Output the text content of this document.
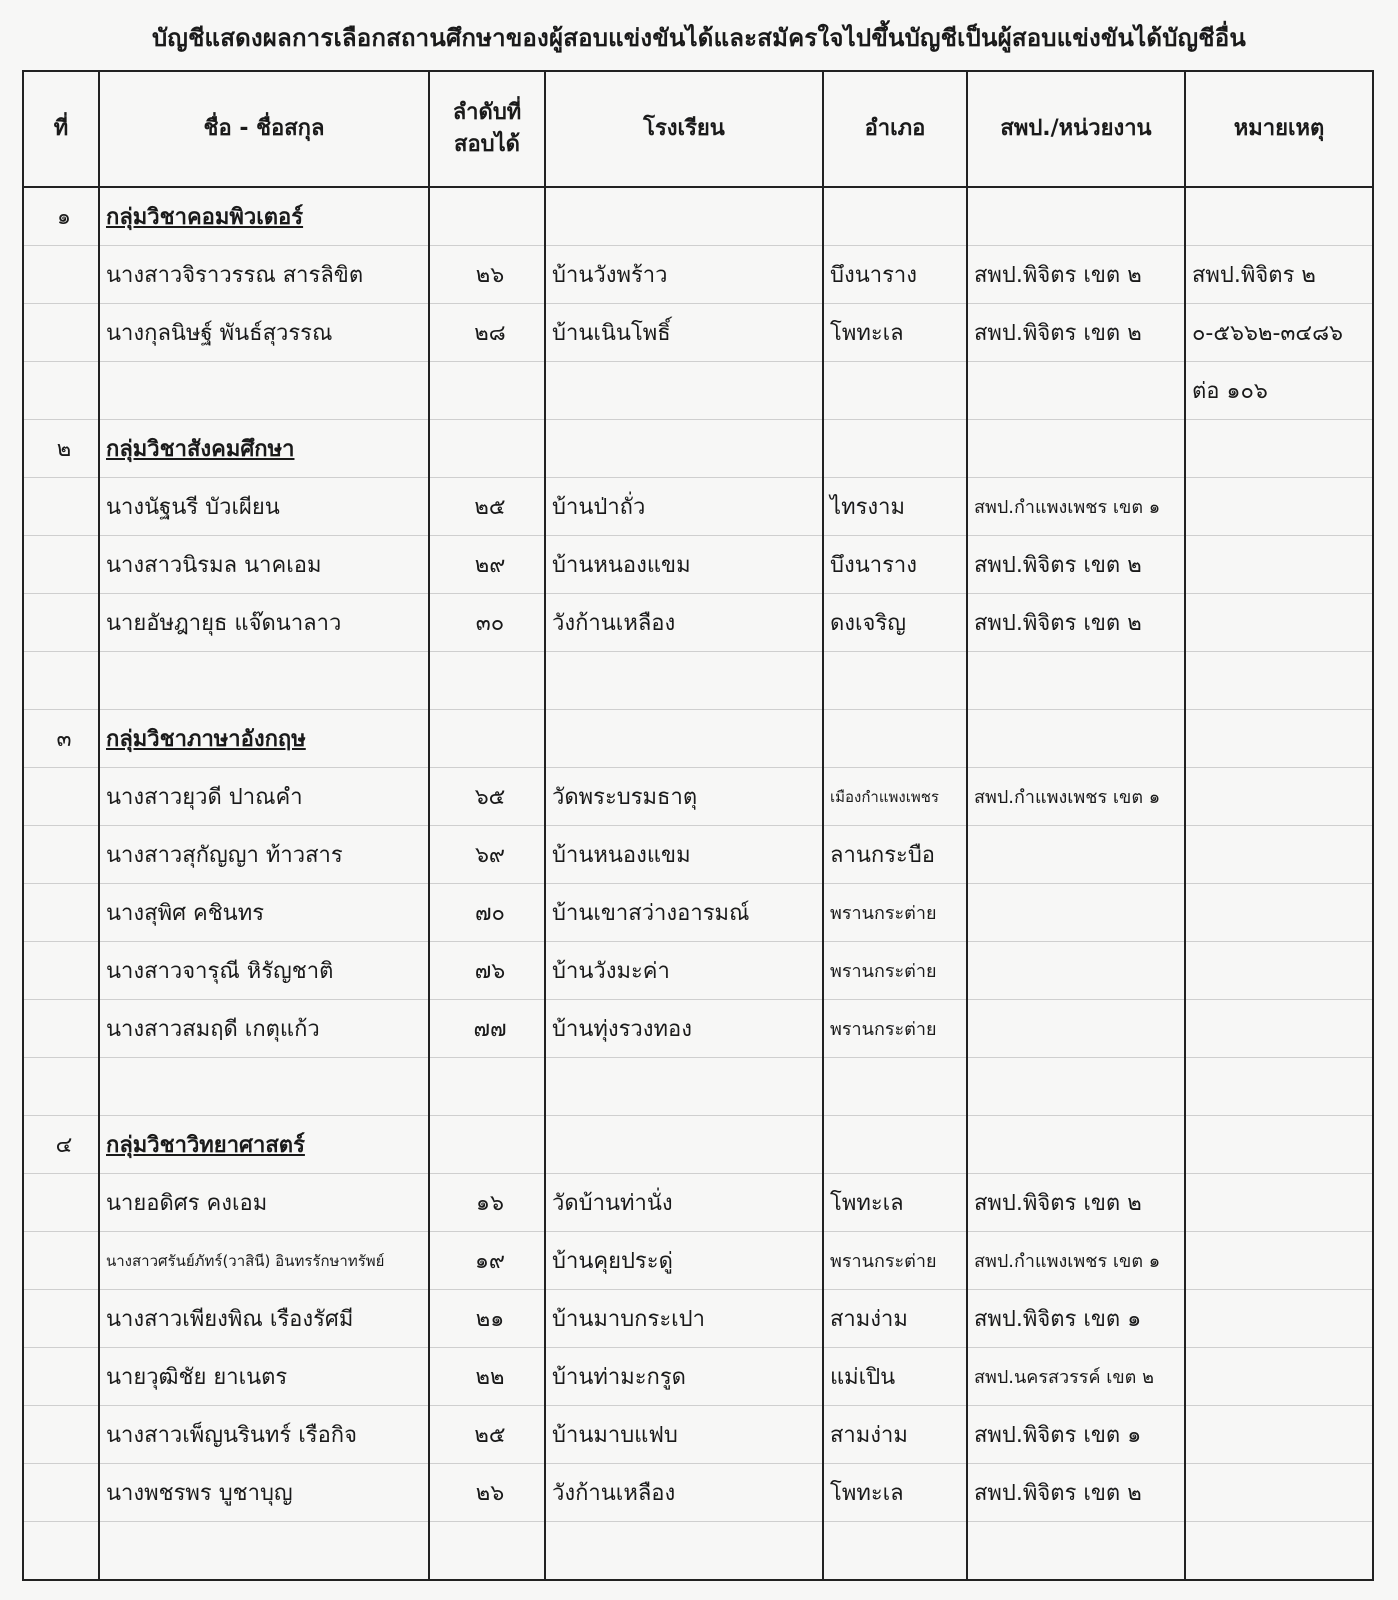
บัญชีแสดงผลการเลือกสถานศึกษาของผู้สอบแข่งขันได้และสมัครใจไปขึ้นบัญชีเป็นผู้สอบแข่งขันได้บัญชีอื่น
ที่	ชื่อ - ชื่อสกุล	ลำดับที่
สอบได้	โรงเรียน	อำเภอ	สพป./หน่วยงาน	หมายเหตุ
๑	กลุ่มวิชาคอมพิวเตอร์					
	นางสาวจิราวรรณ สารลิขิต	๒๖	บ้านวังพร้าว	บึงนาราง	สพป.พิจิตร เขต ๒	สพป.พิจิตร ๒
	นางกุลนิษฐ์ พันธ์สุวรรณ	๒๘	บ้านเนินโพธิ์	โพทะเล	สพป.พิจิตร เขต ๒	๐-๕๖๖๒-๓๔๘๖
						ต่อ ๑๐๖
๒	กลุ่มวิชาสังคมศึกษา					
	นางนัฐนรี บัวเผียน	๒๕	บ้านป่าถั่ว	ไทรงาม	สพป.กำแพงเพชร เขต ๑	
	นางสาวนิรมล นาคเอม	๒๙	บ้านหนองแขม	บึงนาราง	สพป.พิจิตร เขต ๒	
	นายอัษฎายุธ แจ๊ดนาลาว	๓๐	วังก้านเหลือง	ดงเจริญ	สพป.พิจิตร เขต ๒	

๓	กลุ่มวิชาภาษาอังกฤษ					
	นางสาวยุวดี ปาณคำ	๖๕	วัดพระบรมธาตุ	เมืองกำแพงเพชร	สพป.กำแพงเพชร เขต ๑	
	นางสาวสุกัญญา ท้าวสาร	๖๙	บ้านหนองแขม	ลานกระบือ		
	นางสุพิศ คชินทร	๗๐	บ้านเขาสว่างอารมณ์	พรานกระต่าย		
	นางสาวจารุณี หิรัญชาติ	๗๖	บ้านวังมะค่า	พรานกระต่าย		
	นางสาวสมฤดี เกตุแก้ว	๗๗	บ้านทุ่งรวงทอง	พรานกระต่าย		

๔	กลุ่มวิชาวิทยาศาสตร์					
	นายอดิศร คงเอม	๑๖	วัดบ้านท่านั่ง	โพทะเล	สพป.พิจิตร เขต ๒	
	นางสาวศรันย์ภัทร์(วาสินี) อินทรรักษาทรัพย์	๑๙	บ้านคุยประดู่	พรานกระต่าย	สพป.กำแพงเพชร เขต ๑	
	นางสาวเพียงพิณ เรืองรัศมี	๒๑	บ้านมาบกระเปา	สามง่าม	สพป.พิจิตร เขต ๑	
	นายวุฒิชัย ยาเนตร	๒๒	บ้านท่ามะกรูด	แม่เปิน	สพป.นครสวรรค์ เขต ๒	
	นางสาวเพ็ญนรินทร์ เรือกิจ	๒๕	บ้านมาบแฟบ	สามง่าม	สพป.พิจิตร เขต ๑	
	นางพชรพร บูชาบุญ	๒๖	วังก้านเหลือง	โพทะเล	สพป.พิจิตร เขต ๒	
